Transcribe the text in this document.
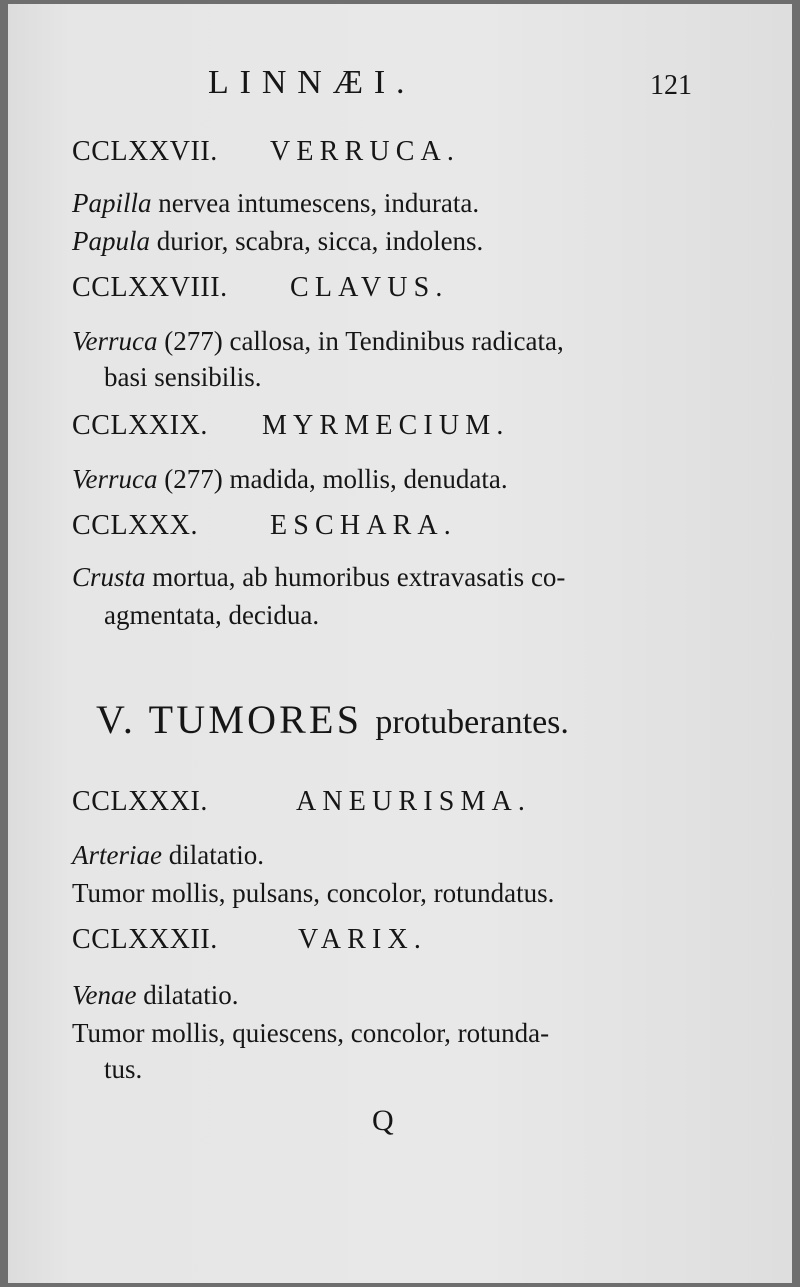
LINNÆI.	121
CCLXXVII. VERRUCA.
Papilla nervea intumescens, indurata.
Papula durior, scabra, sicca, indolens.
CCLXXVIII. CLAVUS.
Verruca (277) callosa, in Tendinibus radicata,
basi sensibilis.
CCLXXIX. MYRMECIUM.
Verruca (277) madida, mollis, denudata.
CCLXXX.	ESCHARA.
Crusta mortua, ab humoribus extravasatis co-
agmentata, decidua.
V. TUMORES protuberantes.
CCLXXXI.	ANEURISMA.
Arteriae dilatatio.
Tumor mollis, pulsans, concolor, rotundatus.
CCLXXXII.	VARIX.
Venae dilatatio.
Tumor mollis, quiescens, concolor, rotunda-
tus.
Q
